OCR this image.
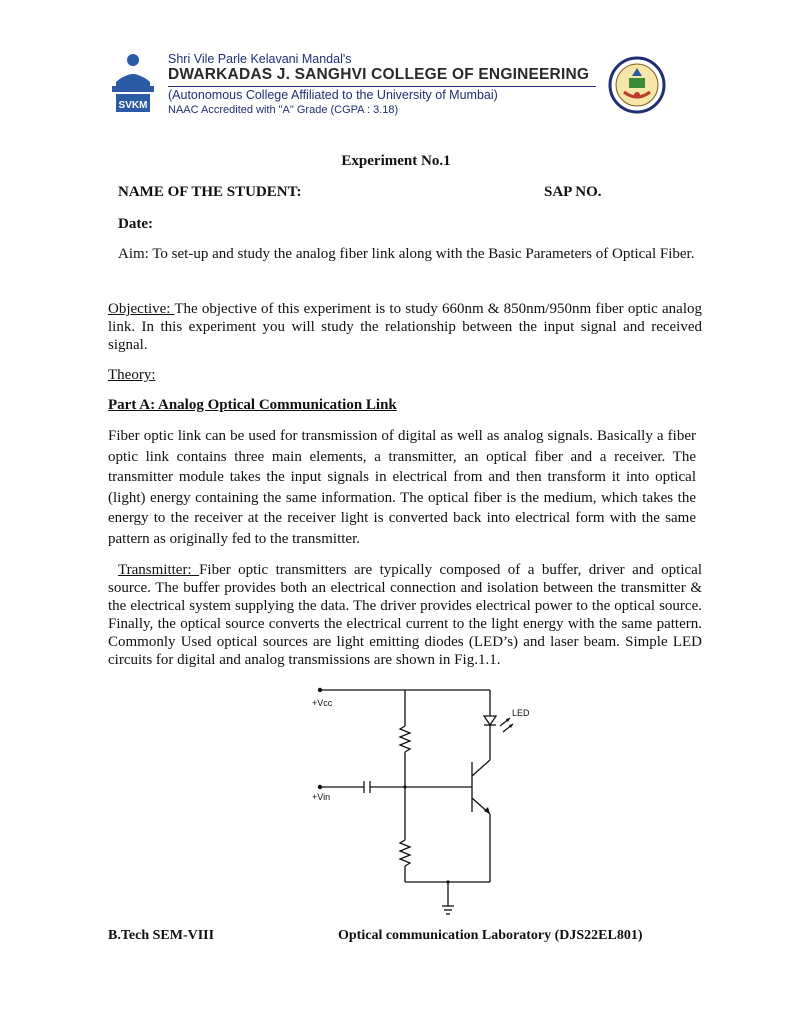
SVKM
Shri Vile Parle Kelavani Mandal's
DWARKADAS J. SANGHVI COLLEGE OF ENGINEERING
(Autonomous College Affiliated to the University of Mumbai)
NAAC Accredited with "A" Grade (CGPA : 3.18)
Experiment No.1
NAME OF THE STUDENT:	SAP NO.
Date:
Aim: To set-up and study the analog fiber link along with the Basic Parameters of Optical Fiber.
Objective: The objective of this experiment is to study 660nm & 850nm/950nm fiber optic analog link. In this experiment you will study the relationship between the input signal and received signal.
Theory:
Part A: Analog Optical Communication Link
Fiber optic link can be used for transmission of digital as well as analog signals. Basically a fiber optic link contains three main elements, a transmitter, an optical fiber and a receiver. The transmitter module takes the input signals in electrical from and then transform it into optical (light) energy containing the same information. The optical fiber is the medium, which takes the energy to the receiver at the receiver light is converted back into electrical form with the same pattern as originally fed to the transmitter.
Transmitter: Fiber optic transmitters are typically composed of a buffer, driver and optical source. The buffer provides both an electrical connection and isolation between the transmitter & the electrical system supplying the data. The driver provides electrical power to the optical source. Finally, the optical source converts the electrical current to the light energy with the same pattern. Commonly Used optical sources are light emitting diodes (LED’s) and laser beam. Simple LED circuits for digital and analog transmissions are shown in Fig.1.1.
+Vcc
+Vin
LED
B.Tech SEM-VIII	Optical communication Laboratory (DJS22EL801)
